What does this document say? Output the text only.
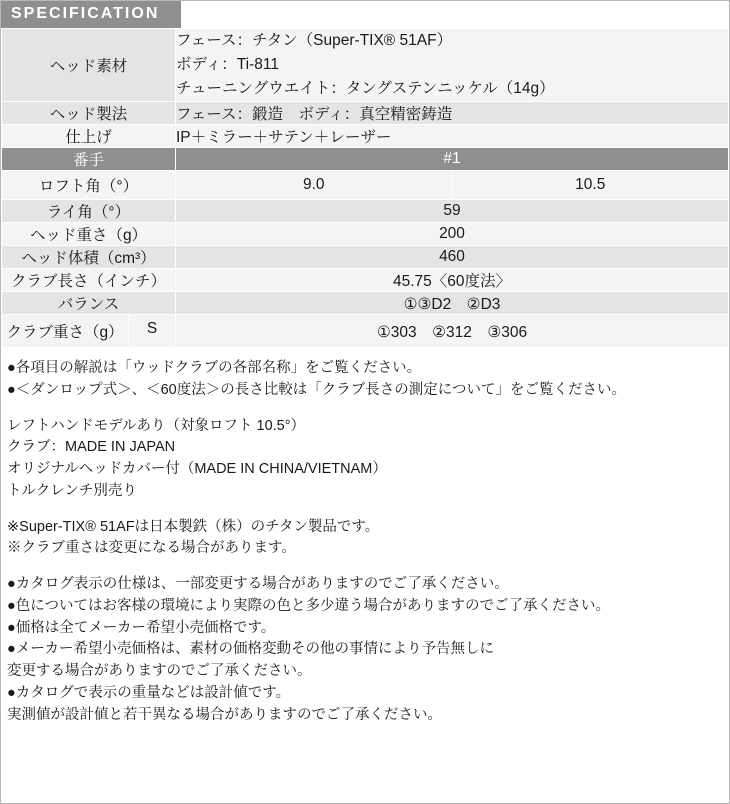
SPECIFICATION
ヘッド素材	フェース：チタン（Super-TIX® 51AF）
ボディ：Ti-811
チューニングウエイト：タングステンニッケル（14g）

ヘッド製法	フェース：鍛造　ボディ：真空精密鋳造
仕上げ	IP＋ミラー＋サテン＋レーザー
番手	#1
ロフト角（°）	9.0 10.5

ライ角（°）	59
ヘッド重さ（g）	200
ヘッド体積（cm³）	460
クラブ長さ（インチ）	45.75〈60度法〉
バランス	①③D2　②D3

クラブ重さ（g） S	①303　②312　③306

●各項目の解説は「ウッドクラブの各部名称」をご覧ください。

●＜ダンロップ式＞、＜60度法＞の長さ比較は「クラブ長さの測定について」をご覧ください。

レフトハンドモデルあり（対象ロフト 10.5°）

クラブ：MADE IN JAPAN

オリジナルヘッドカバー付（MADE IN CHINA/VIETNAM）

トルクレンチ別売り

※Super-TIX® 51AFは日本製鉄（株）のチタン製品です。

※クラブ重さは変更になる場合があります。

●カタログ表示の仕様は、一部変更する場合がありますのでご了承ください。

●色についてはお客様の環境により実際の色と多少違う場合がありますのでご了承ください。

●価格は全てメーカー希望小売価格です。

●メーカー希望小売価格は、素材の価格変動その他の事情により予告無しに

変更する場合がありますのでご了承ください。

●カタログで表示の重量などは設計値です。

実測値が設計値と若干異なる場合がありますのでご了承ください。
